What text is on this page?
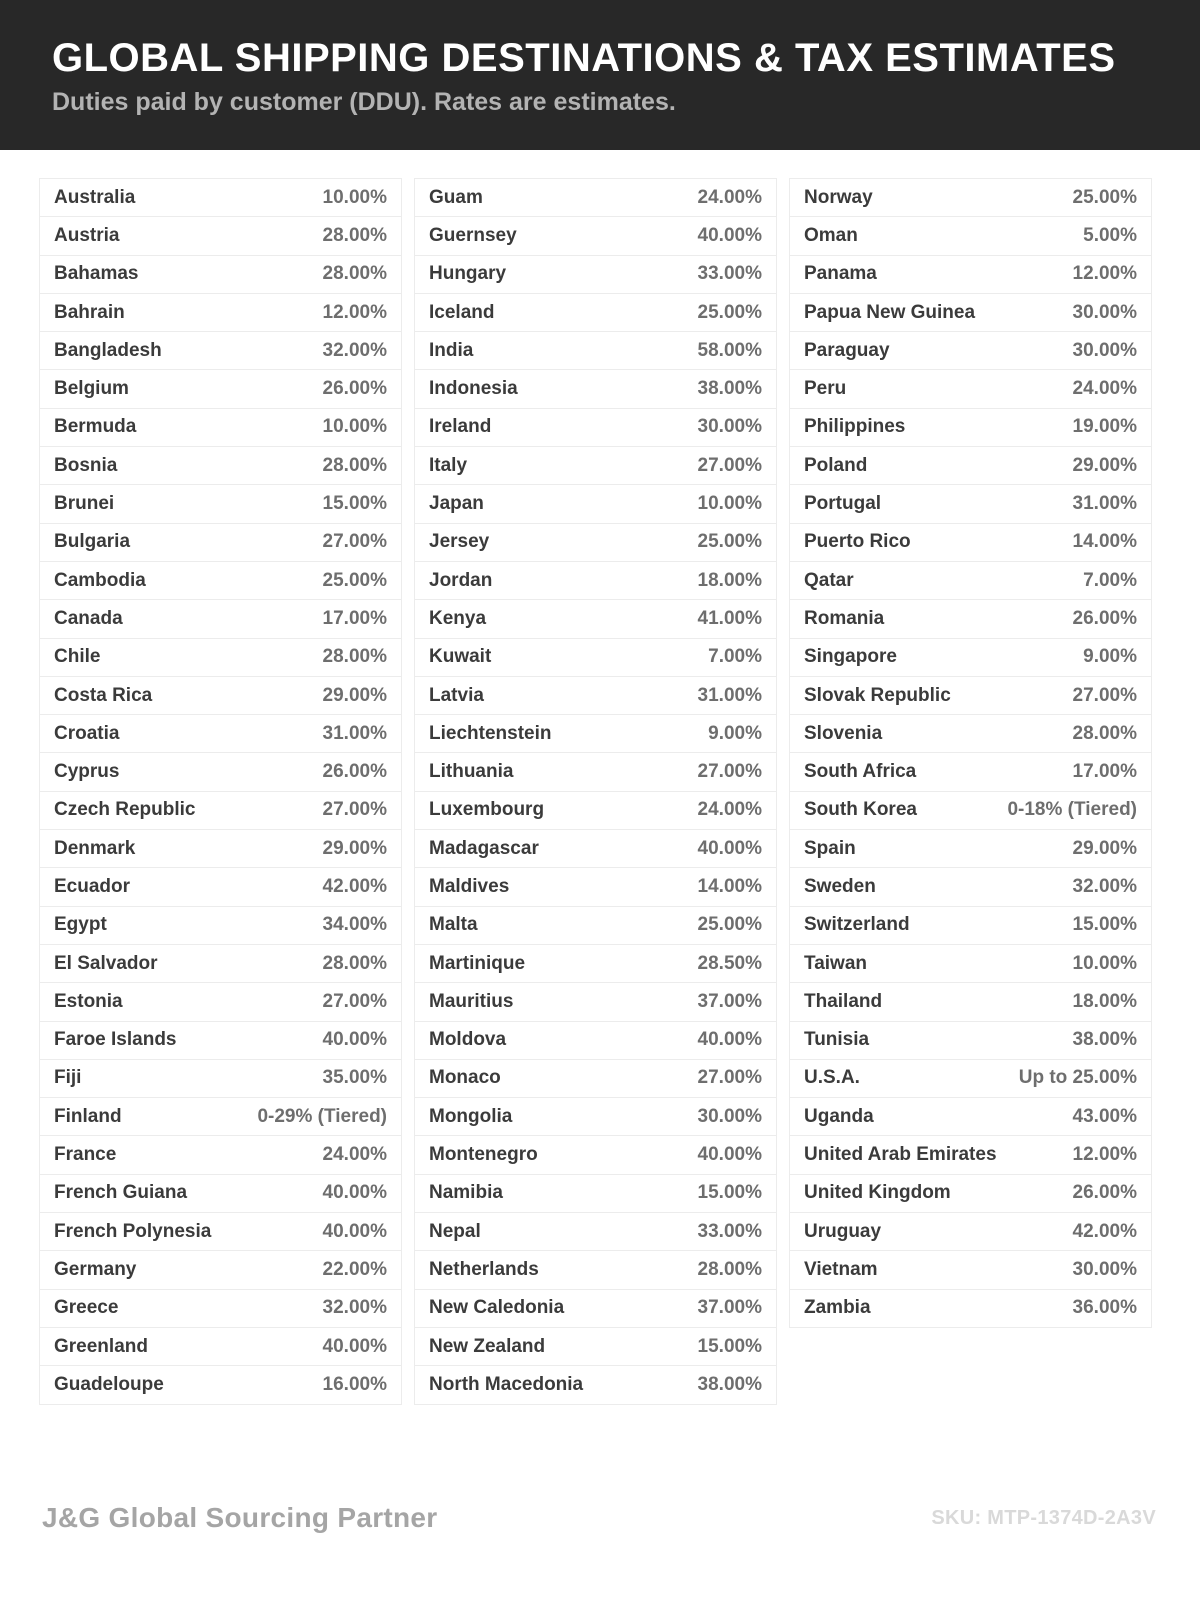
GLOBAL SHIPPING DESTINATIONS & TAX ESTIMATES
Duties paid by customer (DDU). Rates are estimates.
Australia	10.00%
Austria	28.00%
Bahamas	28.00%
Bahrain	12.00%
Bangladesh	32.00%
Belgium	26.00%
Bermuda	10.00%
Bosnia	28.00%
Brunei	15.00%
Bulgaria	27.00%
Cambodia	25.00%
Canada	17.00%
Chile	28.00%
Costa Rica	29.00%
Croatia	31.00%
Cyprus	26.00%
Czech Republic	27.00%
Denmark	29.00%
Ecuador	42.00%
Egypt	34.00%
El Salvador	28.00%
Estonia	27.00%
Faroe Islands	40.00%
Fiji	35.00%
Finland	0-29% (Tiered)
France	24.00%
French Guiana	40.00%
French Polynesia	40.00%
Germany	22.00%
Greece	32.00%
Greenland	40.00%
Guadeloupe	16.00%
Guam	24.00%
Guernsey	40.00%
Hungary	33.00%
Iceland	25.00%
India	58.00%
Indonesia	38.00%
Ireland	30.00%
Italy	27.00%
Japan	10.00%
Jersey	25.00%
Jordan	18.00%
Kenya	41.00%
Kuwait	7.00%
Latvia	31.00%
Liechtenstein	9.00%
Lithuania	27.00%
Luxembourg	24.00%
Madagascar	40.00%
Maldives	14.00%
Malta	25.00%
Martinique	28.50%
Mauritius	37.00%
Moldova	40.00%
Monaco	27.00%
Mongolia	30.00%
Montenegro	40.00%
Namibia	15.00%
Nepal	33.00%
Netherlands	28.00%
New Caledonia	37.00%
New Zealand	15.00%
North Macedonia	38.00%
Norway	25.00%
Oman	5.00%
Panama	12.00%
Papua New Guinea	30.00%
Paraguay	30.00%
Peru	24.00%
Philippines	19.00%
Poland	29.00%
Portugal	31.00%
Puerto Rico	14.00%
Qatar	7.00%
Romania	26.00%
Singapore	9.00%
Slovak Republic	27.00%
Slovenia	28.00%
South Africa	17.00%
South Korea	0-18% (Tiered)
Spain	29.00%
Sweden	32.00%
Switzerland	15.00%
Taiwan	10.00%
Thailand	18.00%
Tunisia	38.00%
U.S.A.	Up to 25.00%
Uganda	43.00%
United Arab Emirates	12.00%
United Kingdom	26.00%
Uruguay	42.00%
Vietnam	30.00%
Zambia	36.00%
J&G Global Sourcing Partner	SKU: MTP-1374D-2A3V
